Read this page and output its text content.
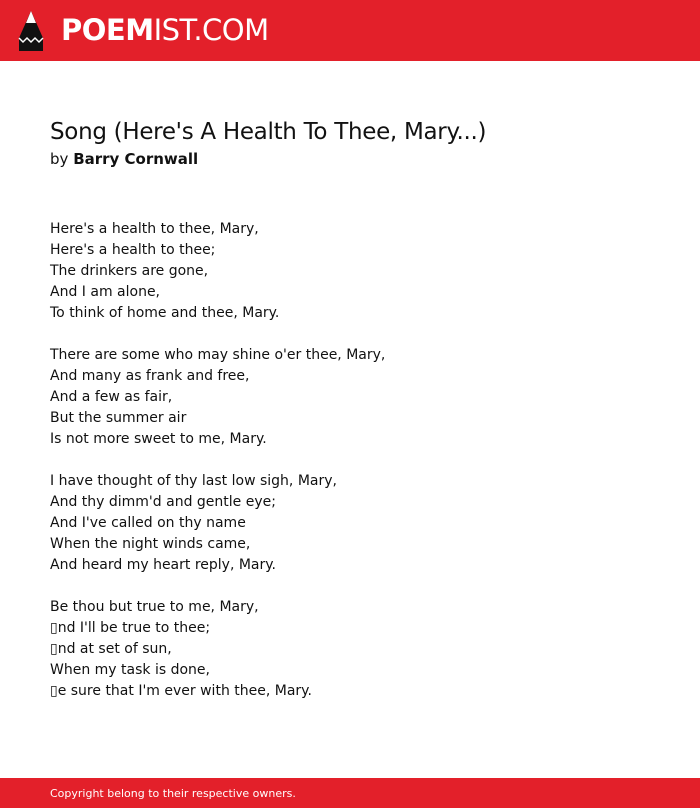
POEMIST.COM
Song (Here's A Health To Thee, Mary...)
by Barry Cornwall
Here's a health to thee, Mary,
Here's a health to thee;
The drinkers are gone,
And I am alone,
To think of home and thee, Mary.
There are some who may shine o'er thee, Mary,
And many as frank and free,
And a few as fair,
But the summer air
Is not more sweet to me, Mary.
I have thought of thy last low sigh, Mary,
And thy dimm'd and gentle eye;
And I've called on thy name
When the night winds came,
And heard my heart reply, Mary.
Be thou but true to me, Mary,
▯nd I'll be true to thee;
▯nd at set of sun,
When my task is done,
▯e sure that I'm ever with thee, Mary.
Copyright belong to their respective owners.
